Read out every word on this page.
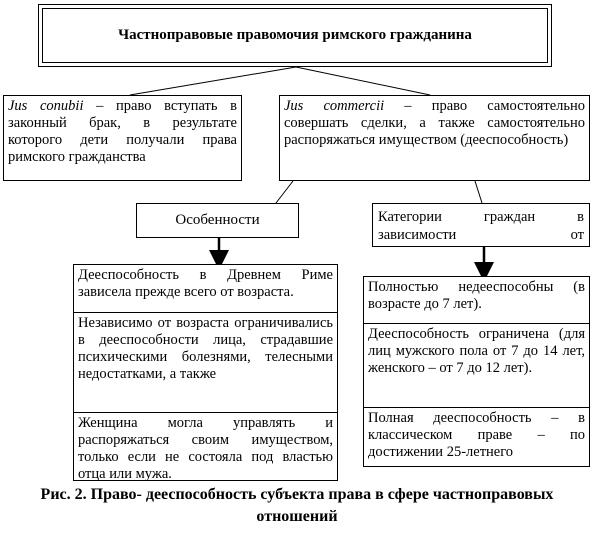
Частноправовые правомочия римского гражданина
Jus conubii – право вступать в законный брак, в результате которого дети получали права римского гражданства
Jus commercii – право самостоятельно совершать сделки, а также самостоятельно распоряжаться имуществом (дееспособность)
Особенности	Категории граждан в зависимости от
Дееспособность в Древнем Риме зависела прежде всего от возраста.
Независимо от возраста ограничивались в дееспособности лица, страдавшие психическими болезнями, телесными недостатками, а также
Женщина могла управлять и распоряжаться своим имуществом, только если не состояла под властью отца или мужа.
Полностью недееспособны (в возрасте до 7 лет).
Дееспособность ограничена (для лиц мужского пола от 7 до 14 лет, женского – от 7 до 12 лет).
Полная дееспособность – в классическом праве – по достижении 25-летнего
Рис. 2. Право- дееспособность субъекта права в сфере частноправовых отношений
